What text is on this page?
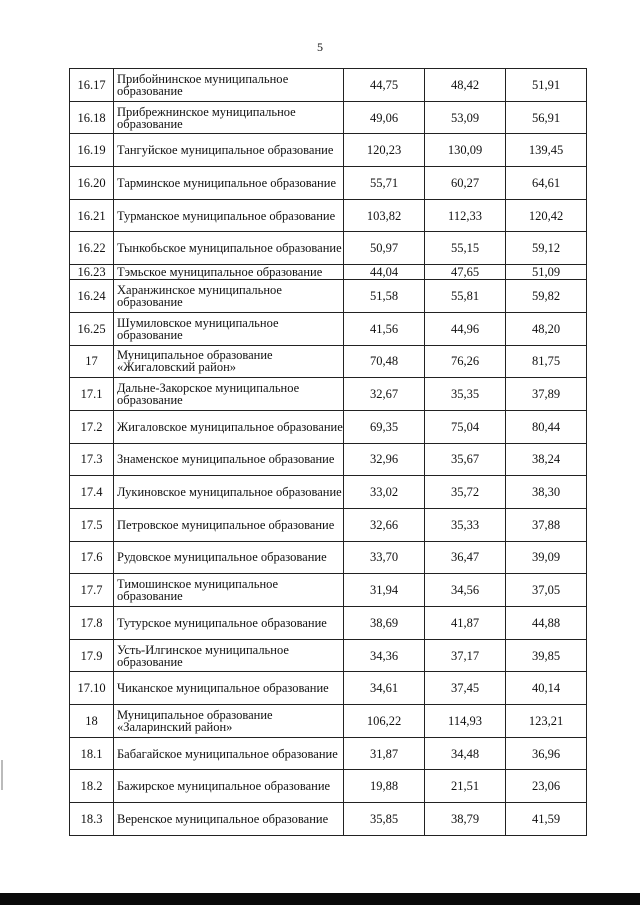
5
16.17	Прибойнинское муниципальное образование	44,75	48,42	51,91
16.18	Прибрежнинское муниципальное образование	49,06	53,09	56,91
16.19	Тангуйское муниципальное образование	120,23	130,09	139,45
16.20	Тарминское муниципальное образование	55,71	60,27	64,61
16.21	Турманское муниципальное образование	103,82	112,33	120,42
16.22	Тынкобьское муниципальное образование	50,97	55,15	59,12
16.23	Тэмьское муниципальное образование	44,04	47,65	51,09
16.24	Харанжинское муниципальное образование	51,58	55,81	59,82
16.25	Шумиловское муниципальное образование	41,56	44,96	48,20
17	Муниципальное образование «Жигаловский район»	70,48	76,26	81,75
17.1	Дальне-Закорское муниципальное образование	32,67	35,35	37,89
17.2	Жигаловское муниципальное образование	69,35	75,04	80,44
17.3	Знаменское муниципальное образование	32,96	35,67	38,24
17.4	Лукиновское муниципальное образование	33,02	35,72	38,30
17.5	Петровское муниципальное образование	32,66	35,33	37,88
17.6	Рудовское муниципальное образование	33,70	36,47	39,09
17.7	Тимошинское муниципальное образование	31,94	34,56	37,05
17.8	Тутурское муниципальное образование	38,69	41,87	44,88
17.9	Усть-Илгинское муниципальное образование	34,36	37,17	39,85
17.10	Чиканское муниципальное образование	34,61	37,45	40,14
18	Муниципальное образование «Заларинский район»	106,22	114,93	123,21
18.1	Бабагайское муниципальное образование	31,87	34,48	36,96
18.2	Бажирское муниципальное образование	19,88	21,51	23,06
18.3	Веренское муниципальное образование	35,85	38,79	41,59
